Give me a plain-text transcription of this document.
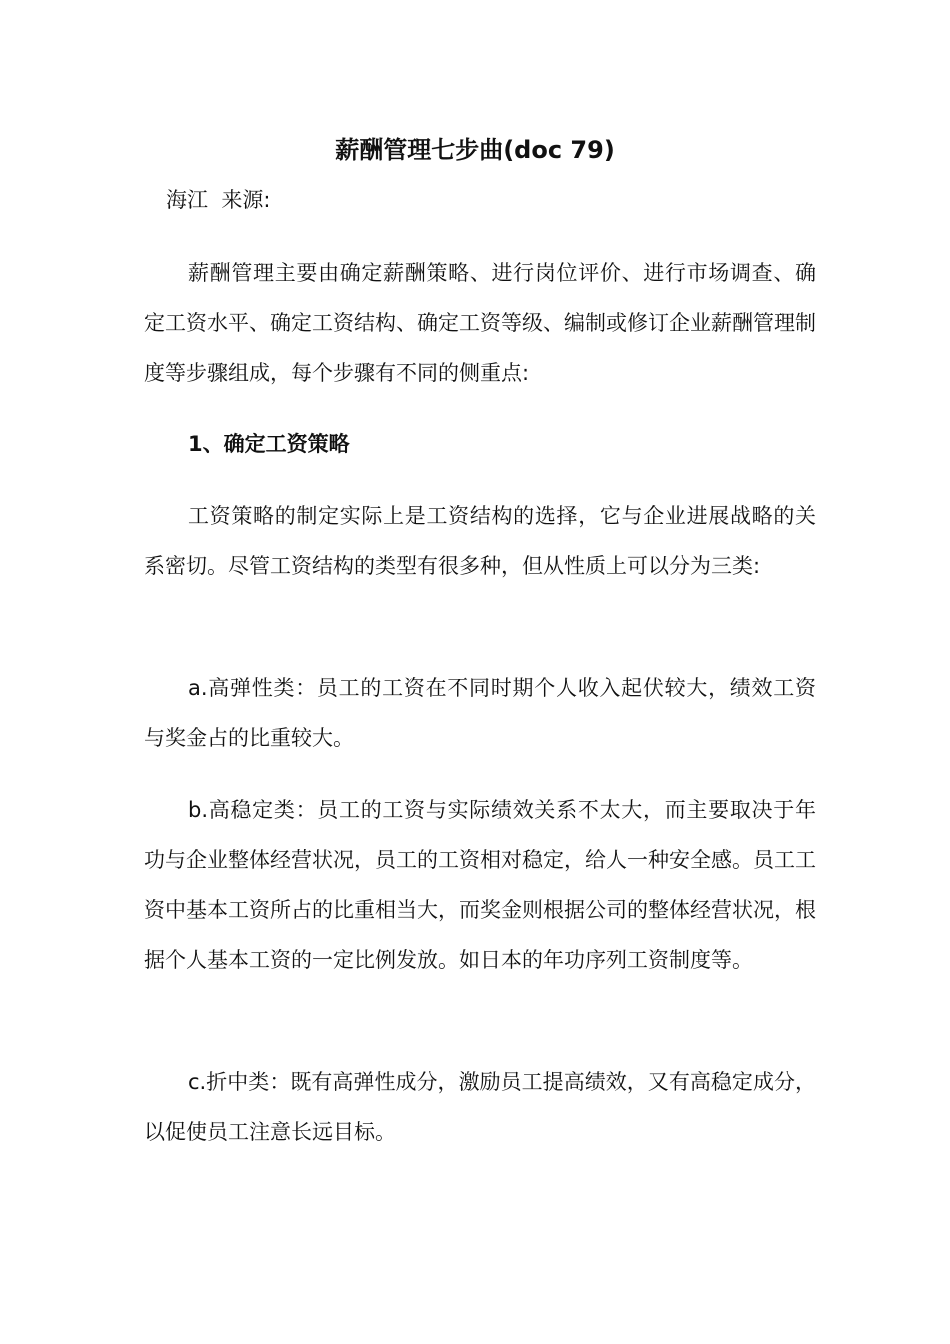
薪酬管理七步曲(doc 79)
海江  来源:

薪酬管理主要由确定薪酬策略、进行岗位评价、进行市场调查、确定工资水平、确定工资结构、确定工资等级、编制或修订企业薪酬管理制度等步骤组成，每个步骤有不同的侧重点:

1、确定工资策略

工资策略的制定实际上是工资结构的选择，它与企业进展战略的关系密切。尽管工资结构的类型有很多种，但从性质上可以分为三类:

a.高弹性类：员工的工资在不同时期个人收入起伏较大，绩效工资与奖金占的比重较大。

b.高稳定类：员工的工资与实际绩效关系不太大，而主要取决于年功与企业整体经营状况，员工的工资相对稳定，给人一种安全感。员工工资中基本工资所占的比重相当大，而奖金则根据公司的整体经营状况，根据个人基本工资的一定比例发放。如日本的年功序列工资制度等。

c.折中类：既有高弹性成分，激励员工提高绩效，又有高稳定成分，以促使员工注意长远目标。
